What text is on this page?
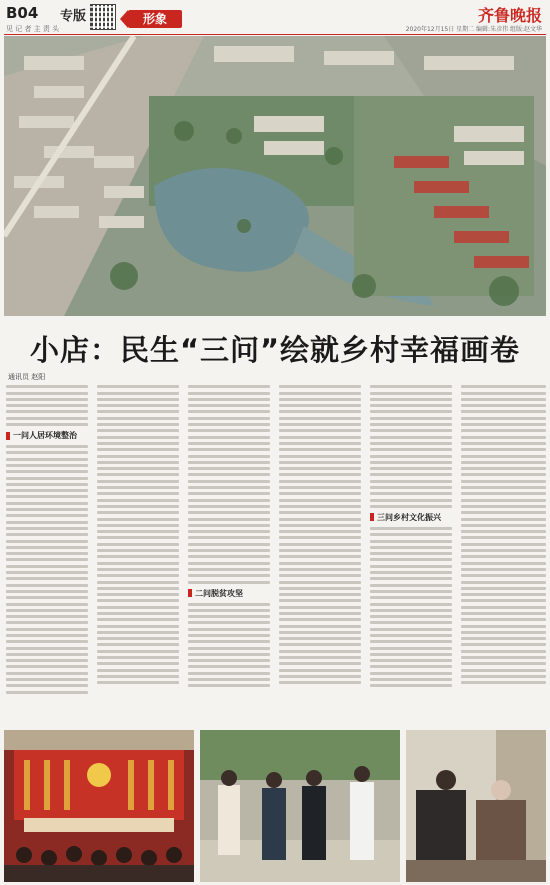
B04 专版
见 记 者 主 责 头
形象	齐鲁晚报
2020年12月15日 星期二 编辑:朱彦伟 组版:赵文华
小店：民生“三问”绘就乡村幸福画卷
通讯员 赵阳
一问人居环境整治
二问脱贫攻坚
三问乡村文化振兴
